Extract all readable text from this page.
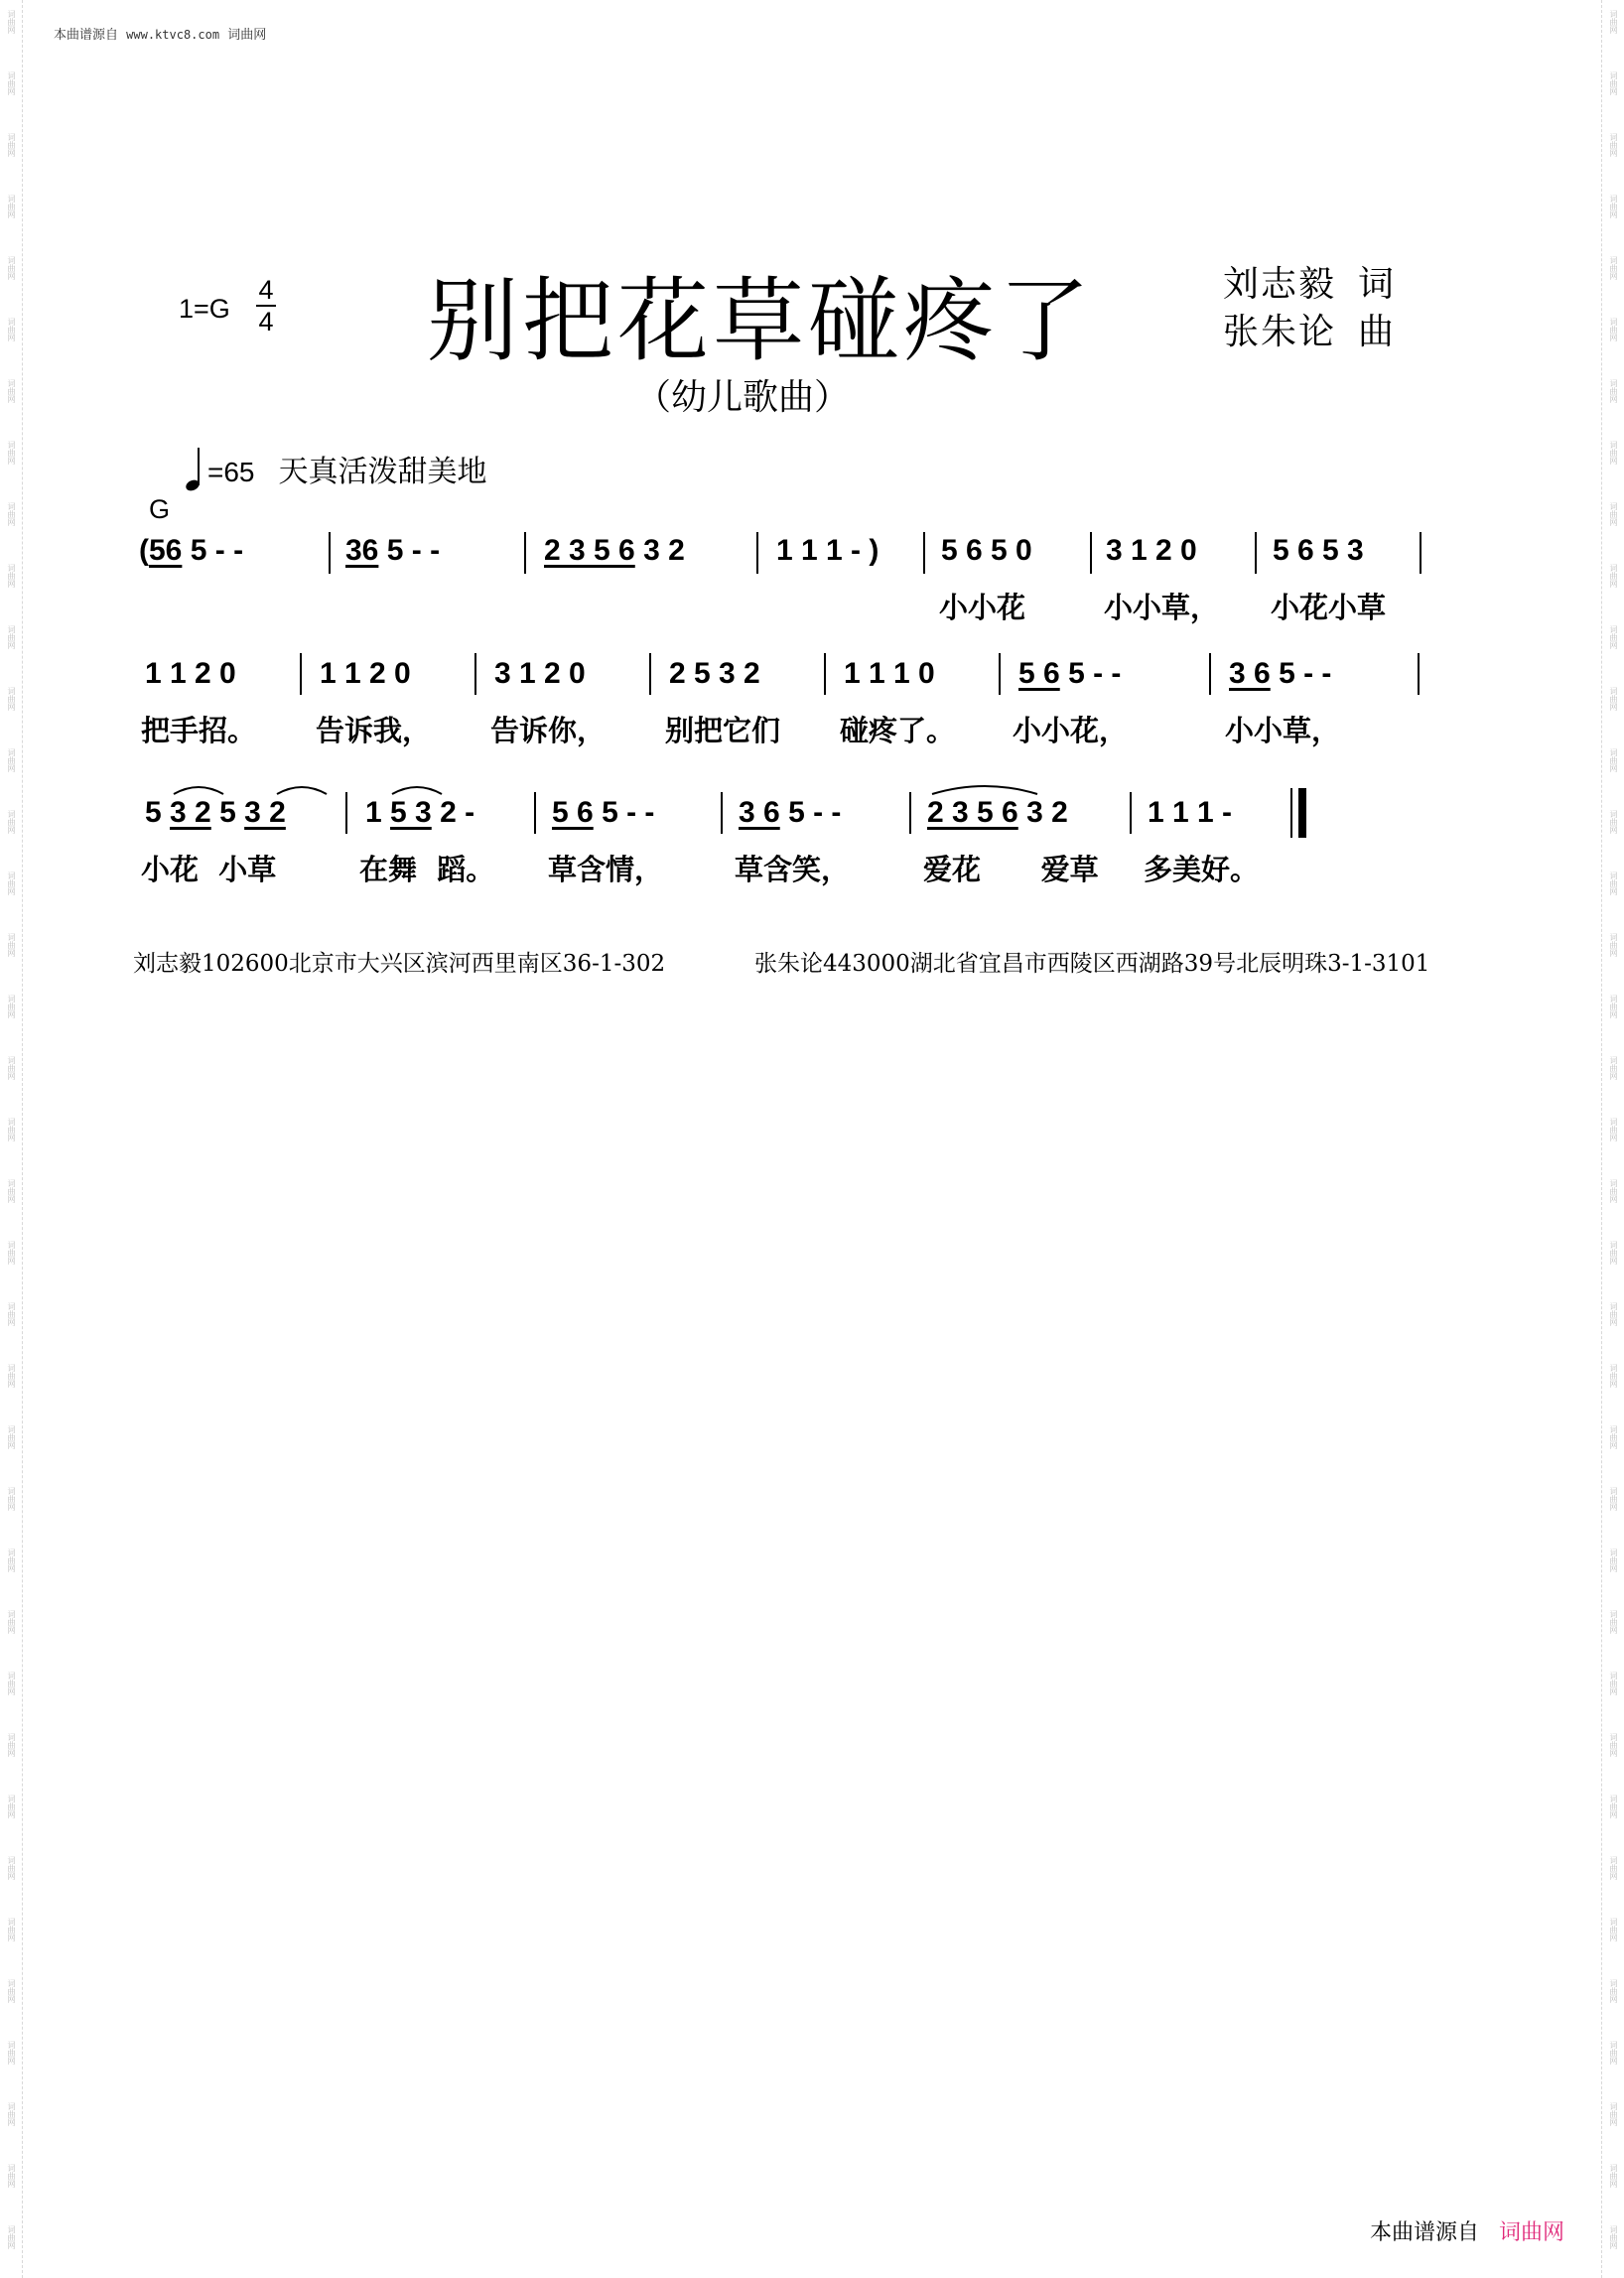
词曲网
词曲网
词曲网
词曲网
词曲网
词曲网
词曲网
词曲网
词曲网
词曲网
词曲网
词曲网
词曲网
词曲网
词曲网
词曲网
词曲网
词曲网
词曲网
词曲网
词曲网
词曲网
词曲网
词曲网
词曲网
词曲网
词曲网
词曲网
词曲网
词曲网
词曲网
词曲网
词曲网
词曲网
词曲网
词曲网
词曲网
词曲网
词曲网
词曲网
词曲网
词曲网
词曲网
词曲网
词曲网
词曲网
词曲网
词曲网
词曲网
词曲网
词曲网
词曲网
词曲网
词曲网
词曲网
词曲网
词曲网
词曲网
词曲网
词曲网
词曲网
词曲网
词曲网
词曲网
词曲网
词曲网
词曲网
词曲网
词曲网
词曲网
词曲网
词曲网
词曲网
词曲网
本曲谱源自 www.ktvc8.com 词曲网
1=G
4
4 别把花草碰疼了
（幼儿歌曲）
刘志毅 词
张朱论 曲
=65 天真活泼甜美地
G
(56 5 - -	36 5 - -	2 3 5 6 3 2	1 1 1 - ) 5 6 5 0 3 1 2 0	5 6 5 3
小小花	小小草， 小花小草
1 1 2 0	1 1 2 0	3 1 2 0	2 5 3 2	1 1 1 0	5 6 5 - -	3 6 5 - -
把手招。 告诉我， 告诉你， 别把它们 碰疼了。 小小花，	小小草，
5 3 2 5 3 2	1 5 3 2 -	5 6 5 - -	3 6 5 - -	2 3 5 6 3 2	1 1 1 -
小花  小草	在舞  蹈。 草含情， 草含笑，	爱花      爱草 多美好。
刘志毅102600北京市大兴区滨河西里南区36-1-302	张朱论443000湖北省宜昌市西陵区西湖路39号北辰明珠3-1-3101
本曲谱源自 词曲网
